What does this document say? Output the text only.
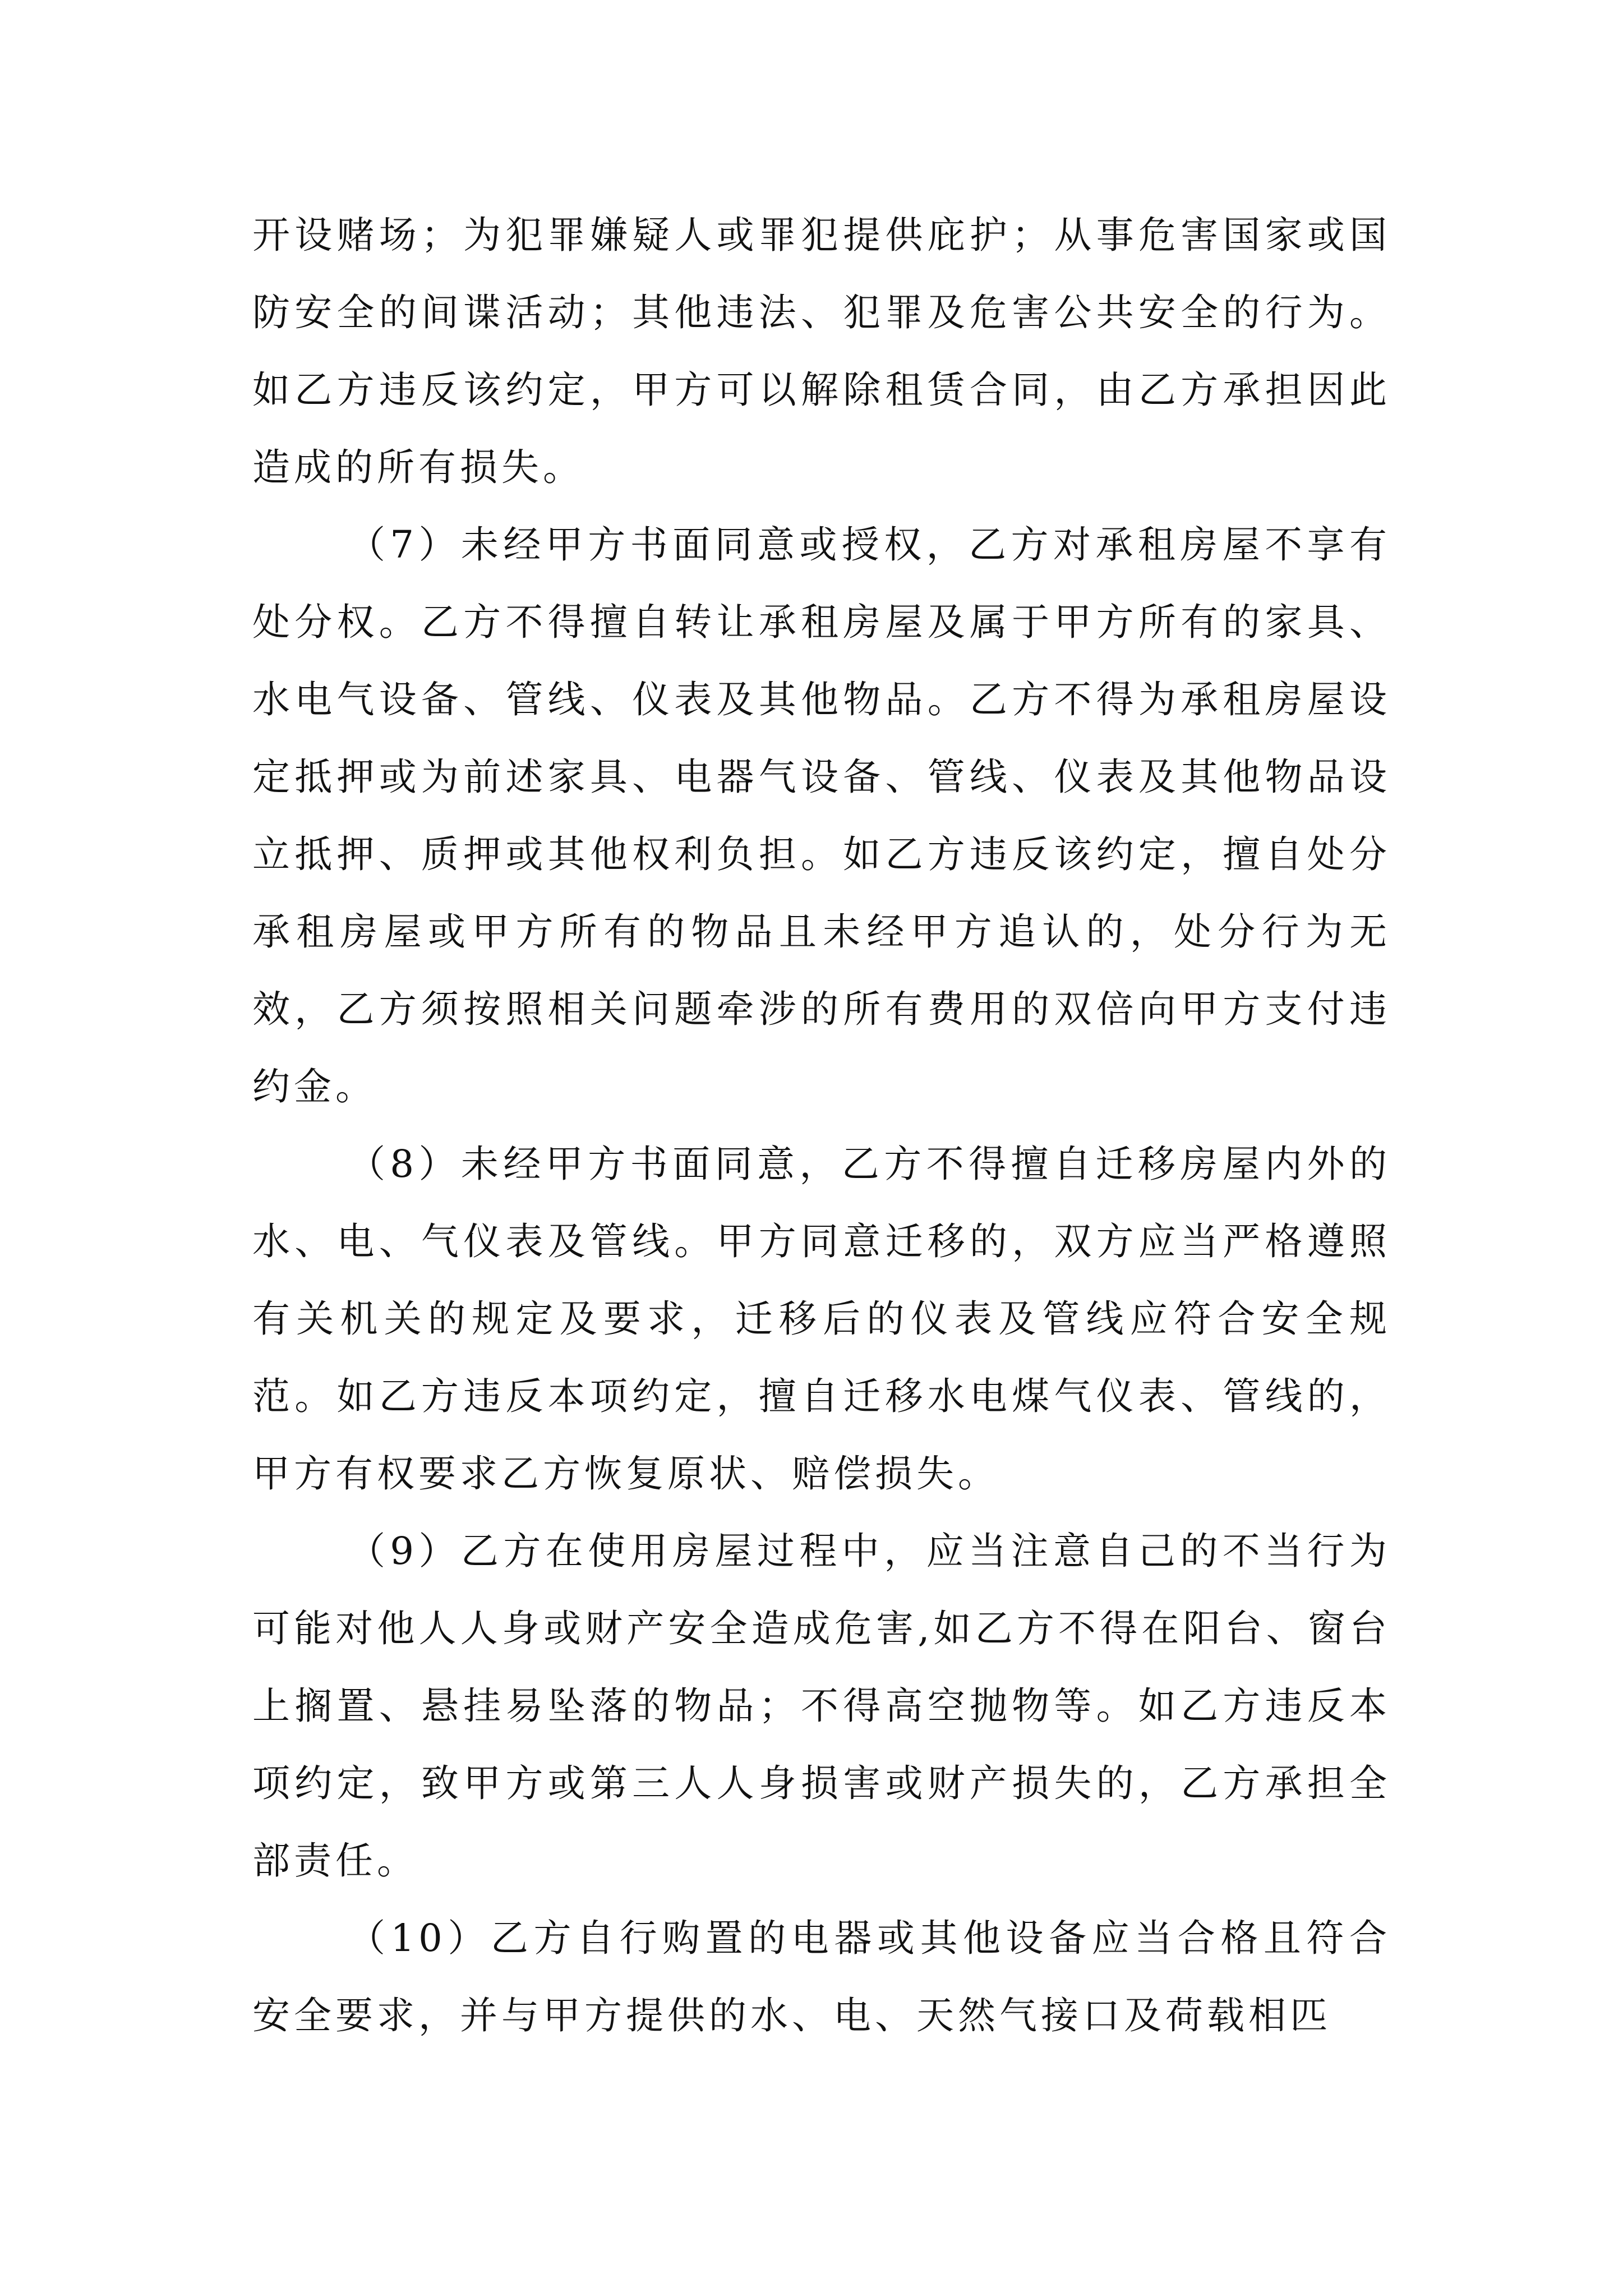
开设赌场；为犯罪嫌疑人或罪犯提供庇护；从事危害国家或国防安全的间谍活动；其他违法、犯罪及危害公共安全的行为。如乙方违反该约定，甲方可以解除租赁合同，由乙方承担因此造成的所有损失。

（7）未经甲方书面同意或授权，乙方对承租房屋不享有处分权。乙方不得擅自转让承租房屋及属于甲方所有的家具、水电气设备、管线、仪表及其他物品。乙方不得为承租房屋设定抵押或为前述家具、电器气设备、管线、仪表及其他物品设立抵押、质押或其他权利负担。如乙方违反该约定，擅自处分承租房屋或甲方所有的物品且未经甲方追认的，处分行为无效，乙方须按照相关问题牵涉的所有费用的双倍向甲方支付违约金。

（8）未经甲方书面同意，乙方不得擅自迁移房屋内外的水、电、气仪表及管线。甲方同意迁移的，双方应当严格遵照有关机关的规定及要求，迁移后的仪表及管线应符合安全规范。如乙方违反本项约定，擅自迁移水电煤气仪表、管线的，甲方有权要求乙方恢复原状、赔偿损失。

（9）乙方在使用房屋过程中，应当注意自己的不当行为可能对他人人身或财产安全造成危害,如乙方不得在阳台、窗台上搁置、悬挂易坠落的物品；不得高空抛物等。如乙方违反本项约定，致甲方或第三人人身损害或财产损失的，乙方承担全部责任。

（10）乙方自行购置的电器或其他设备应当合格且符合安全要求，并与甲方提供的水、电、天然气接口及荷载相匹
